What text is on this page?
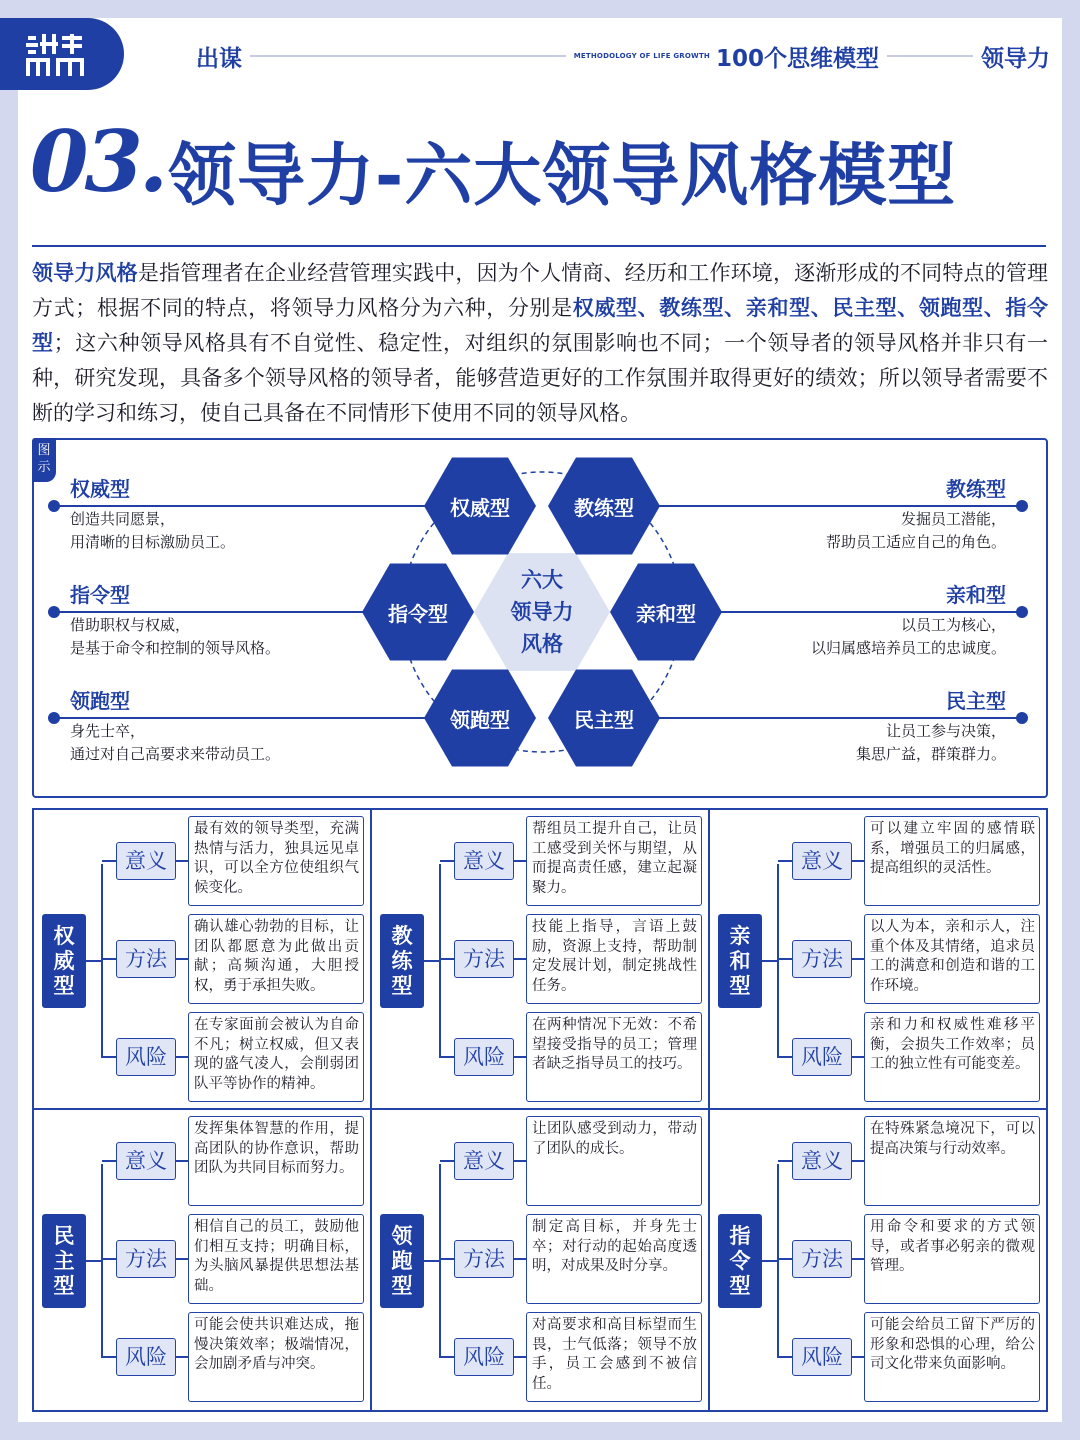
出谋	METHODOLOGY OF LIFE GROWTH 100个思维模型	领导力
03. 领导力-六大领导风格模型

领导力风格是指管理者在企业经营管理实践中，因为个人情商、经历和工作环境，逐渐形成的不同特点的管理方式；根据不同的特点，将领导力风格分为六种，分别是权威型、教练型、亲和型、民主型、领跑型、指令型；这六种领导风格具有不自觉性、稳定性，对组织的氛围影响也不同；一个领导者的领导风格并非只有一种，研究发现，具备多个领导风格的领导者，能够营造更好的工作氛围并取得更好的绩效；所以领导者需要不断的学习和练习，使自己具备在不同情形下使用不同的领导风格。

图示
权威型	教练型
指令型	亲和型
领跑型	民主型
六大
领导力
风格
权威型
创造共同愿景，
用清晰的目标激励员工。
指令型
借助职权与权威，
是基于命令和控制的领导风格。
领跑型
身先士卒，
通过对自己高要求来带动员工。
教练型
发掘员工潜能，
帮助员工适应自己的角色。
亲和型
以员工为核心，
以归属感培养员工的忠诚度。
民主型
让员工参与决策，
集思广益，群策群力。
权
威
型
意义
最有效的领导类型，充满热情与活力，独具远见卓识，可以全方位使组织气候变化。
方法
确认雄心勃勃的目标，让团队都愿意为此做出贡献；高频沟通，大胆授权，勇于承担失败。
风险
在专家面前会被认为自命不凡；树立权威，但又表现的盛气凌人，会削弱团队平等协作的精神。
教
练
型
意义
帮组员工提升自己，让员工感受到关怀与期望，从而提高责任感，建立起凝聚力。
方法
技能上指导，言语上鼓励，资源上支持，帮助制定发展计划，制定挑战性任务。
风险
在两种情况下无效：不希望接受指导的员工；管理者缺乏指导员工的技巧。
亲
和
型
意义
可以建立牢固的感情联系，增强员工的归属感，提高组织的灵活性。
方法
以人为本，亲和示人，注重个体及其情绪，追求员工的满意和创造和谐的工作环境。
风险
亲和力和权威性难移平衡，会损失工作效率；员工的独立性有可能变差。
民
主
型
意义
发挥集体智慧的作用，提高团队的协作意识，帮助团队为共同目标而努力。
方法
相信自己的员工，鼓励他们相互支持；明确目标，为头脑风暴提供思想法基础。
风险
可能会使共识难达成，拖慢决策效率；极端情况，会加剧矛盾与冲突。
领
跑
型
意义
让团队感受到动力，带动了团队的成长。
方法
制定高目标，并身先士卒；对行动的起始高度透明，对成果及时分享。
风险
对高要求和高目标望而生畏，士气低落；领导不放手，员工会感到不被信任。
指
令
型
意义
在特殊紧急境况下，可以提高决策与行动效率。
方法
用命令和要求的方式领导，或者事必躬亲的微观管理。
风险
可能会给员工留下严厉的形象和恐惧的心理，给公司文化带来负面影响。
